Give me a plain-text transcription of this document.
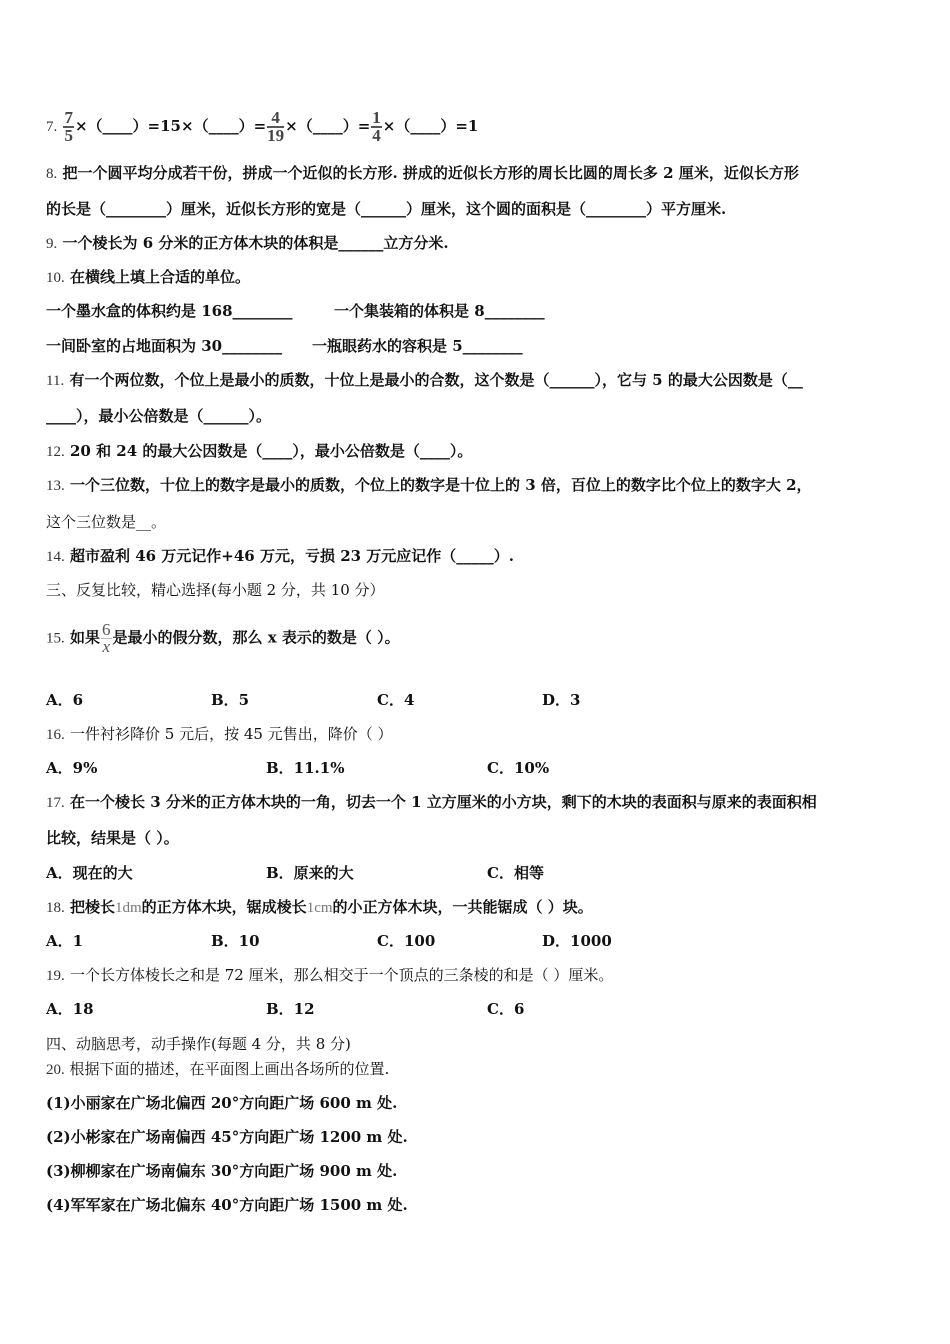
7. $\frac{7}{5}$ ×（____）=15×（____）= $\frac{4}{19}$ ×（____）= $\frac{1}{4}$ ×（____）=1
8. 把一个圆平均分成若干份，拼成一个近似的长方形. 拼成的近似长方形的周长比圆的周长多 2 厘米，近似长方形
的长是（________）厘米，近似长方形的宽是（______）厘米，这个圆的面积是（________）平方厘米.
9. 一个棱长为 6 分米的正方体木块的体积是______立方分米.
10. 在横线上填上合适的单位。
一个墨水盒的体积约是 168________	一个集装箱的体积是 8________
一间卧室的占地面积为 30________ 一瓶眼药水的容积是 5________
11. 有一个两位数，个位上是最小的质数，十位上是最小的合数，这个数是（______），它与 5 的最大公因数是（__
____），最小公倍数是（______）。
12. 20 和 24 的最大公因数是（____），最小公倍数是（____）。
13. 一个三位数，十位上的数字是最小的质数，个位上的数字是十位上的 3 倍，百位上的数字比个位上的数字大 2，
这个三位数是__。
14. 超市盈利 46 万元记作+46 万元，亏损 23 万元应记作（_____）.
三、反复比较，精心选择(每小题 2 分，共 10 分）
15. 如果 $\frac{6}{x}$ 是最小的假分数，那么 x 表示的数是（ ）。
A．6	B．5	C．4	D．3
16. 一件衬衫降价 5 元后，按 45 元售出，降价（ ）
A．9%	B．11.1%	C．10%
17. 在一个棱长 3 分米的正方体木块的一角，切去一个 1 立方厘米的小方块，剩下的木块的表面积与原来的表面积相
比较，结果是（ ）。
A．现在的大	B．原来的大	C．相等
18. 把棱长1dm的正方体木块，锯成棱长1cm的小正方体木块，一共能锯成（ ）块。
A．1	B．10	C．100	D．1000
19. 一个长方体棱长之和是 72 厘米，那么相交于一个顶点的三条棱的和是（ ）厘米。
A．18	B．12	C．6
四、动脑思考，动手操作(每题 4 分，共 8 分)
20. 根据下面的描述，在平面图上画出各场所的位置.
(1)小丽家在广场北偏西 20°方向距广场 600 m 处.
(2)小彬家在广场南偏西 45°方向距广场 1200 m 处.
(3)柳柳家在广场南偏东 30°方向距广场 900 m 处.
(4)军军家在广场北偏东 40°方向距广场 1500 m 处.
